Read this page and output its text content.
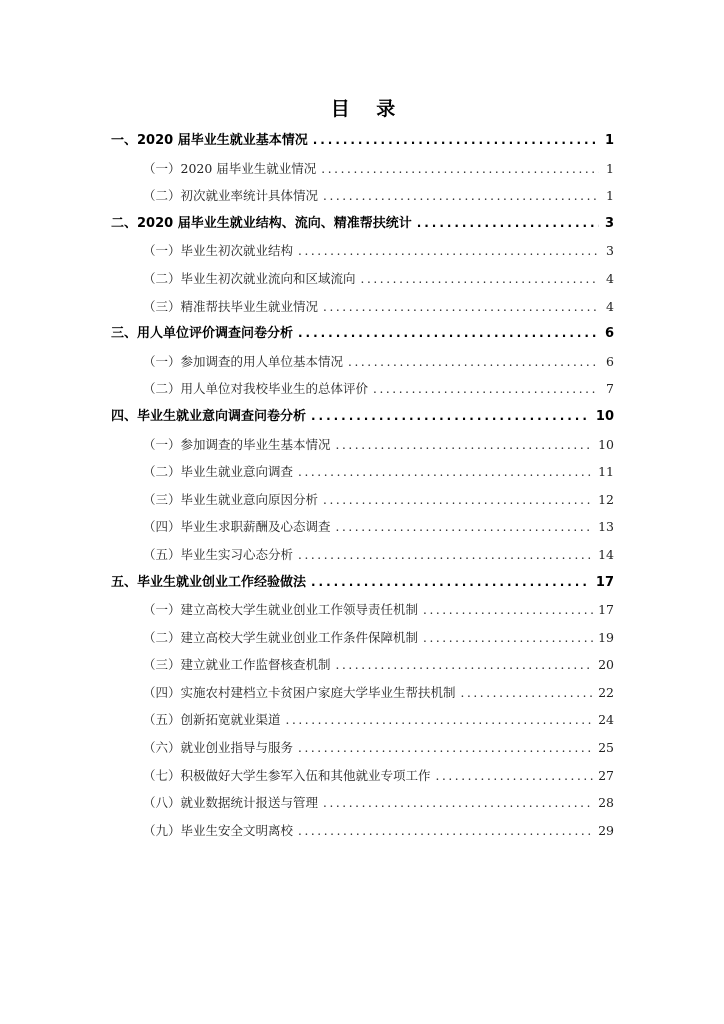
目 录
一、2020 届毕业生就业基本情况 . . .	1
（一）2020 届毕业生就业情况 . . .	1
（二）初次就业率统计具体情况 . . .	1
二、2020 届毕业生就业结构、流向、精准帮扶统计 . . .	3
（一）毕业生初次就业结构 . . .	3
（二）毕业生初次就业流向和区域流向 . . .	4
（三）精准帮扶毕业生就业情况 . . .	4
三、用人单位评价调查问卷分析 . . .	6
（一）参加调查的用人单位基本情况 . . .	6
（二）用人单位对我校毕业生的总体评价 . . .	7
四、毕业生就业意向调查问卷分析 . . .	10
（一）参加调查的毕业生基本情况 . . .	10
（二）毕业生就业意向调查 . . .	11
（三）毕业生就业意向原因分析 . . .	12
（四）毕业生求职薪酬及心态调查 . . .	13
（五）毕业生实习心态分析 . . .	14
五、毕业生就业创业工作经验做法 . . .	17
（一）建立高校大学生就业创业工作领导责任机制 . . .	17
（二）建立高校大学生就业创业工作条件保障机制 . . .	19
（三）建立就业工作监督核查机制 . . .	20
（四）实施农村建档立卡贫困户家庭大学毕业生帮扶机制 . . .	22
（五）创新拓宽就业渠道 . . .	24
（六）就业创业指导与服务 . . .	25
（七）积极做好大学生参军入伍和其他就业专项工作 . . .	27
（八）就业数据统计报送与管理 . . .	28
（九）毕业生安全文明离校 . . .	29
